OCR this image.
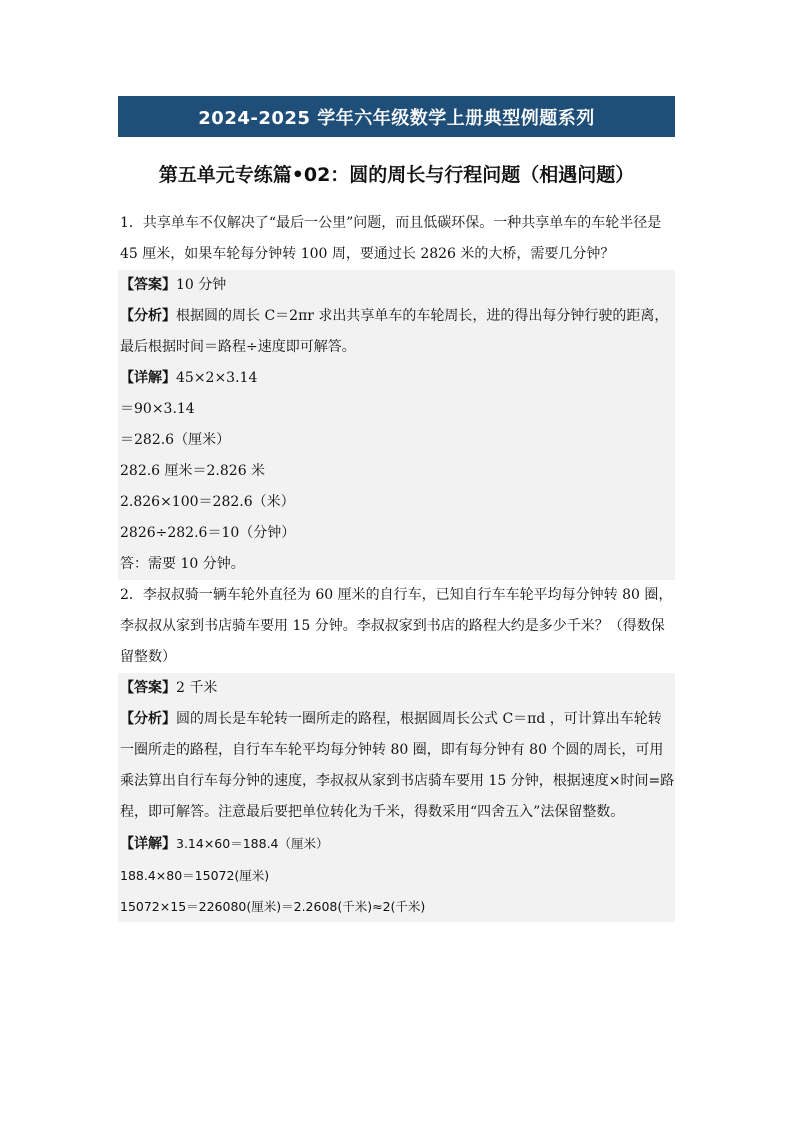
2024-2025 学年六年级数学上册典型例题系列
第五单元专练篇•02：圆的周长与行程问题（相遇问题）
1．共享单车不仅解决了“最后一公里”问题，而且低碳环保。一种共享单车的车轮半径是 45 厘米，如果车轮每分钟转 100 周，要通过长 2826 米的大桥，需要几分钟？
【答案】10 分钟
【分析】根据圆的周长 C＝2πr 求出共享单车的车轮周长，进的得出每分钟行驶的距离，最后根据时间＝路程÷速度即可解答。
【详解】45×2×3.14
＝90×3.14
＝282.6（厘米）
282.6 厘米＝2.826 米
2.826×100＝282.6（米）
2826÷282.6＝10（分钟）
答：需要 10 分钟。
2．李叔叔骑一辆车轮外直径为 60 厘米的自行车，已知自行车车轮平均每分钟转 80 圈，李叔叔从家到书店骑车要用 15 分钟。李叔叔家到书店的路程大约是多少千米？（得数保留整数）
【答案】2 千米
【分析】圆的周长是车轮转一圈所走的路程，根据圆周长公式 C＝πd ，可计算出车轮转一圈所走的路程，自行车车轮平均每分钟转 80 圈，即有每分钟有 80 个圆的周长，可用乘法算出自行车每分钟的速度，李叔叔从家到书店骑车要用 15 分钟，根据速度×时间=路程，即可解答。注意最后要把单位转化为千米，得数采用“四舍五入”法保留整数。
【详解】3.14×60＝188.4（厘米）
188.4×80＝15072(厘米)
15072×15＝226080(厘米)＝2.2608(千米)≈2(千米)
